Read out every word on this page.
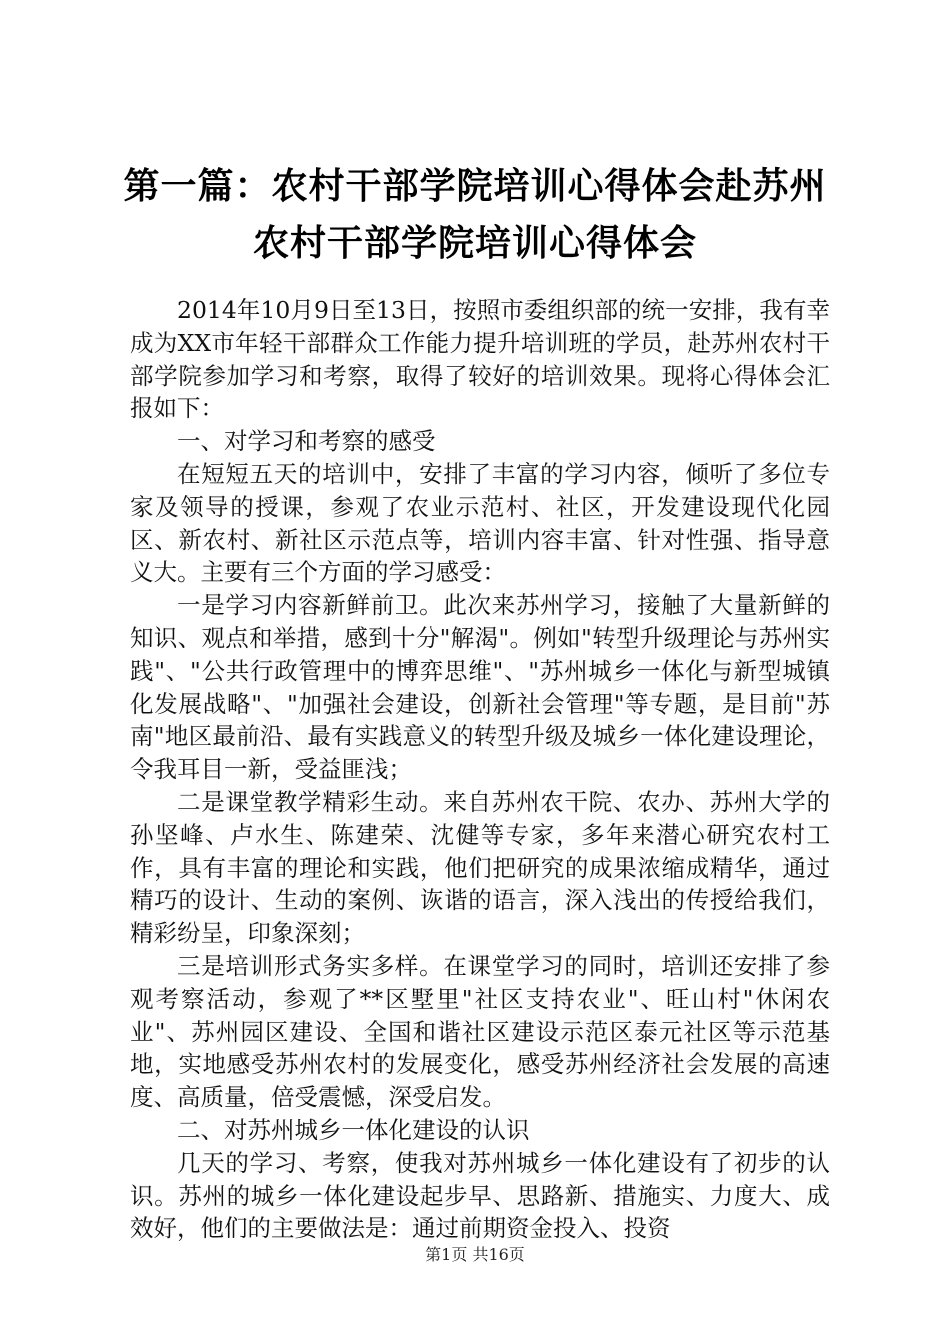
第一篇：农村干部学院培训心得体会赴苏州农村干部学院培训心得体会

2014年10月9日至13日，按照市委组织部的统一安排，我有幸成为XX市年轻干部群众工作能力提升培训班的学员，赴苏州农村干部学院参加学习和考察，取得了较好的培训效果。现将心得体会汇报如下：

一、对学习和考察的感受

在短短五天的培训中，安排了丰富的学习内容，倾听了多位专家及领导的授课，参观了农业示范村、社区，开发建设现代化园区、新农村、新社区示范点等，培训内容丰富、针对性强、指导意义大。主要有三个方面的学习感受：

一是学习内容新鲜前卫。此次来苏州学习，接触了大量新鲜的知识、观点和举措，感到十分"解渴"。例如"转型升级理论与苏州实践"、"公共行政管理中的博弈思维"、"苏州城乡一体化与新型城镇化发展战略"、"加强社会建设，创新社会管理"等专题，是目前"苏南"地区最前沿、最有实践意义的转型升级及城乡一体化建设理论，令我耳目一新，受益匪浅；

二是课堂教学精彩生动。来自苏州农干院、农办、苏州大学的孙坚峰、卢水生、陈建荣、沈健等专家，多年来潜心研究农村工作，具有丰富的理论和实践，他们把研究的成果浓缩成精华，通过精巧的设计、生动的案例、诙谐的语言，深入浅出的传授给我们，精彩纷呈，印象深刻；

三是培训形式务实多样。在课堂学习的同时，培训还安排了参观考察活动，参观了**区墅里"社区支持农业"、旺山村"休闲农业"、苏州园区建设、全国和谐社区建设示范区泰元社区等示范基地，实地感受苏州农村的发展变化，感受苏州经济社会发展的高速度、高质量，倍受震憾，深受启发。

二、对苏州城乡一体化建设的认识

几天的学习、考察，使我对苏州城乡一体化建设有了初步的认识。苏州的城乡一体化建设起步早、思路新、措施实、力度大、成效好，他们的主要做法是：通过前期资金投入、投资

第1页 共16页
